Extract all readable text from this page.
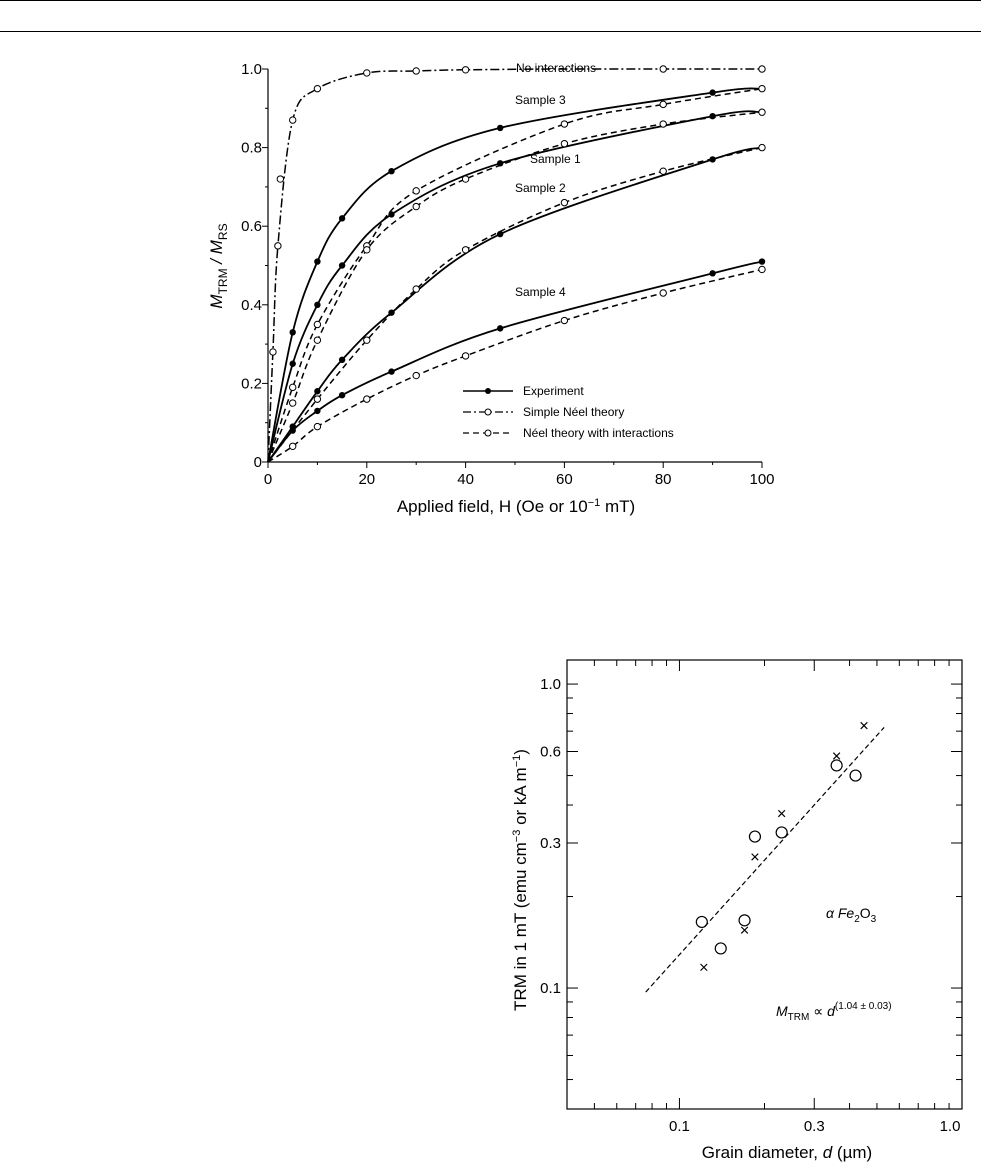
0	20	40	60	80	100
0
0.2
0.4
0.6
0.8
1.0
Applied field, H (Oe or $10^{-1}$ mT)
$M_{TRM} / M_{RS}$
No interactions
Sample 3
Sample 1
Sample 2
Sample 4
Experiment
Simple Néel theory
Néel theory with interactions
0.1	0.3	1.0
0.1
0.3
0.6
1.0
Grain diameter, d (µm)
TRM in 1 mT (emu $cm^{-3}$ or kA $m^{-1}$)
α $Fe_2O_3$
$M_{TRM} \propto d^{(1.04 \pm 0.03)}$
